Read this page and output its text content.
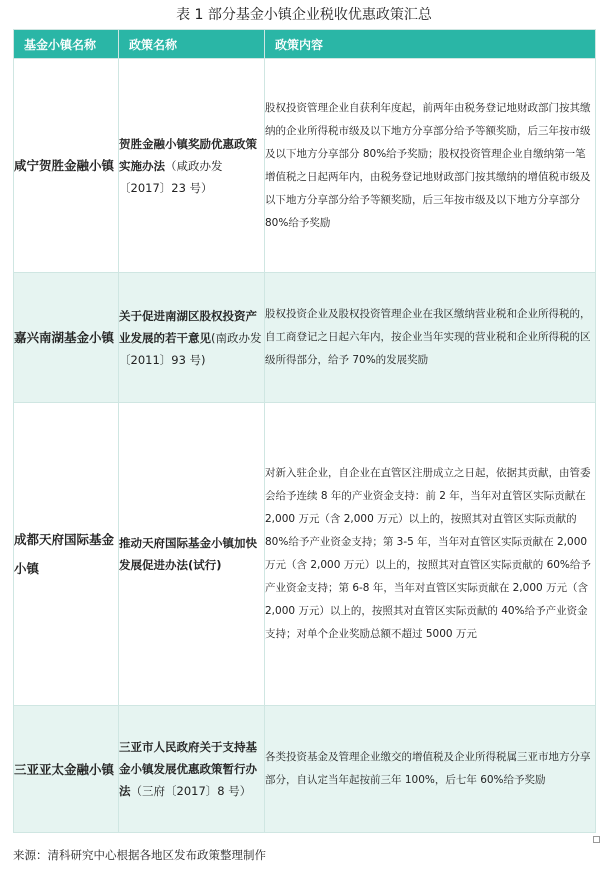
表 1 部分基金小镇企业税收优惠政策汇总
基金小镇名称	政策名称	政策内容
咸宁贺胜金融小镇	贺胜金融小镇奖励优惠政策实施办法（咸政办发〔2017〕23 号）	股权投资管理企业自获利年度起，前两年由税务登记地财政部门按其缴纳的企业所得税市级及以下地方分享部分给予等额奖励，后三年按市级及以下地方分享部分 80%给予奖励；股权投资管理企业自缴纳第一笔增值税之日起两年内，由税务登记地财政部门按其缴纳的增值税市级及以下地方分享部分给予等额奖励，后三年按市级及以下地方分享部分 80%给予奖励
嘉兴南湖基金小镇	关于促进南湖区股权投资产业发展的若干意见(南政办发〔2011〕93 号)	股权投资企业及股权投资管理企业在我区缴纳营业税和企业所得税的，自工商登记之日起六年内，按企业当年实现的营业税和企业所得税的区级所得部分，给予 70%的发展奖励
成都天府国际基金小镇	推动天府国际基金小镇加快发展促进办法(试行)	对新入驻企业，自企业在直管区注册成立之日起，依据其贡献，由管委会给予连续 8 年的产业资金支持：前 2 年，当年对直管区实际贡献在 2,000 万元（含 2,000 万元）以上的，按照其对直管区实际贡献的 80%给予产业资金支持；第 3-5 年，当年对直管区实际贡献在 2,000 万元（含 2,000 万元）以上的，按照其对直管区实际贡献的 60%给予产业资金支持；第 6-8 年，当年对直管区实际贡献在 2,000 万元（含 2,000 万元）以上的，按照其对直管区实际贡献的 40%给予产业资金支持；对单个企业奖励总额不超过 5000 万元
三亚亚太金融小镇	三亚市人民政府关于支持基金小镇发展优惠政策暂行办法（三府〔2017〕8 号）	各类投资基金及管理企业缴交的增值税及企业所得税属三亚市地方分享部分，自认定当年起按前三年 100%，后七年 60%给予奖励
来源：清科研究中心根据各地区发布政策整理制作
